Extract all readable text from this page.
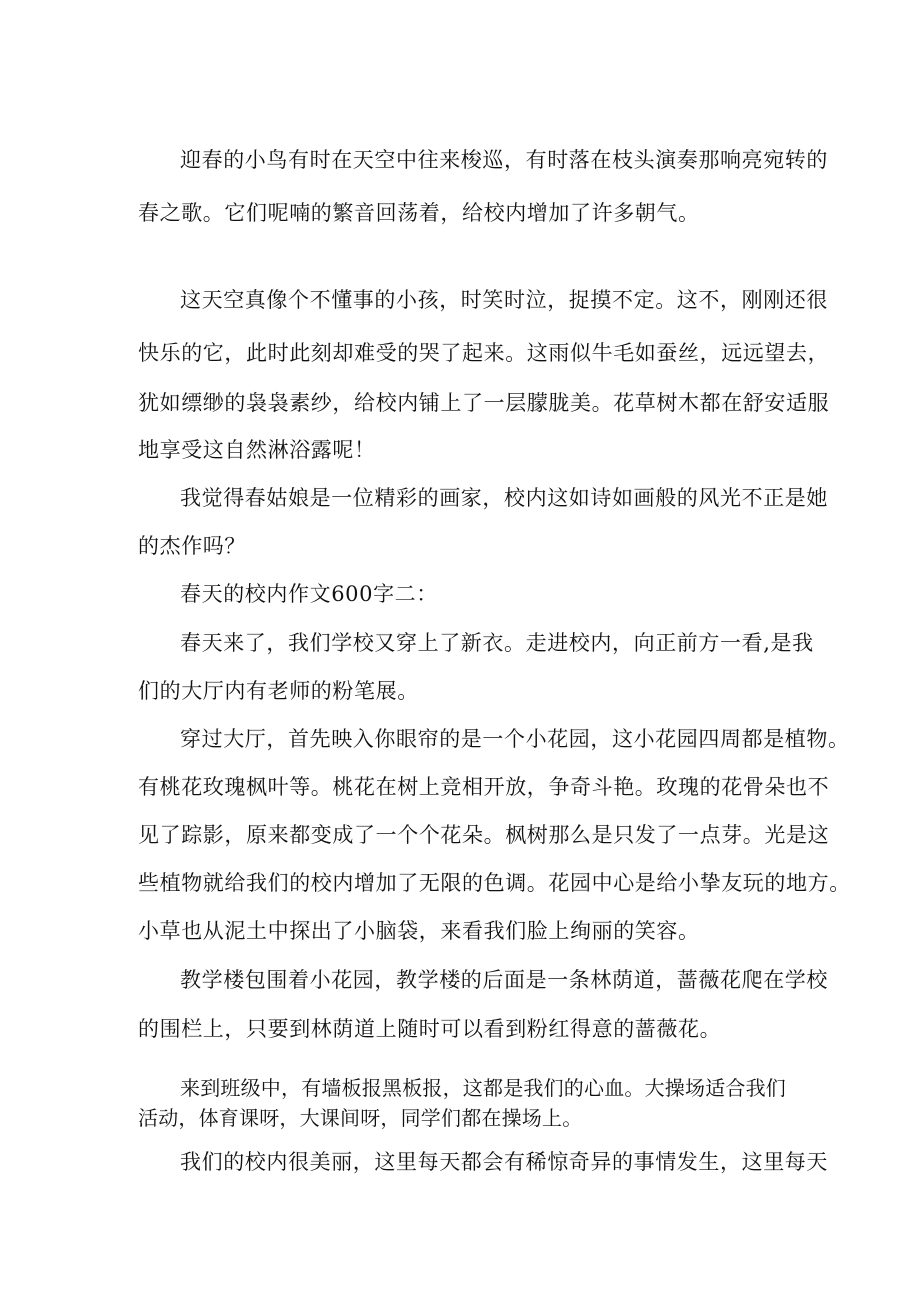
迎春的小鸟有时在天空中往来梭巡，有时落在枝头演奏那响亮宛转的
春之歌。它们呢喃的繁音回荡着，给校内增加了许多朝气。
这天空真像个不懂事的小孩，时笑时泣，捉摸不定。这不，刚刚还很
快乐的它，此时此刻却难受的哭了起来。这雨似牛毛如蚕丝，远远望去，
犹如缥缈的袅袅素纱，给校内铺上了一层朦胧美。花草树木都在舒安适服
地享受这自然淋浴露呢！
我觉得春姑娘是一位精彩的画家，校内这如诗如画般的风光不正是她
的杰作吗？
春天的校内作文600字二：
春天来了，我们学校又穿上了新衣。走进校内，向正前方一看,是我
们的大厅内有老师的粉笔展。
穿过大厅，首先映入你眼帘的是一个小花园，这小花园四周都是植物。
有桃花玫瑰枫叶等。桃花在树上竞相开放，争奇斗艳。玫瑰的花骨朵也不
见了踪影，原来都变成了一个个花朵。枫树那么是只发了一点芽。光是这
些植物就给我们的校内增加了无限的色调。花园中心是给小挚友玩的地方。
小草也从泥土中探出了小脑袋，来看我们脸上绚丽的笑容。
教学楼包围着小花园，教学楼的后面是一条林荫道，蔷薇花爬在学校
的围栏上，只要到林荫道上随时可以看到粉红得意的蔷薇花。
来到班级中，有墙板报黑板报，这都是我们的心血。大操场适合我们
活动，体育课呀，大课间呀，同学们都在操场上。
我们的校内很美丽，这里每天都会有稀惊奇异的事情发生，这里每天
